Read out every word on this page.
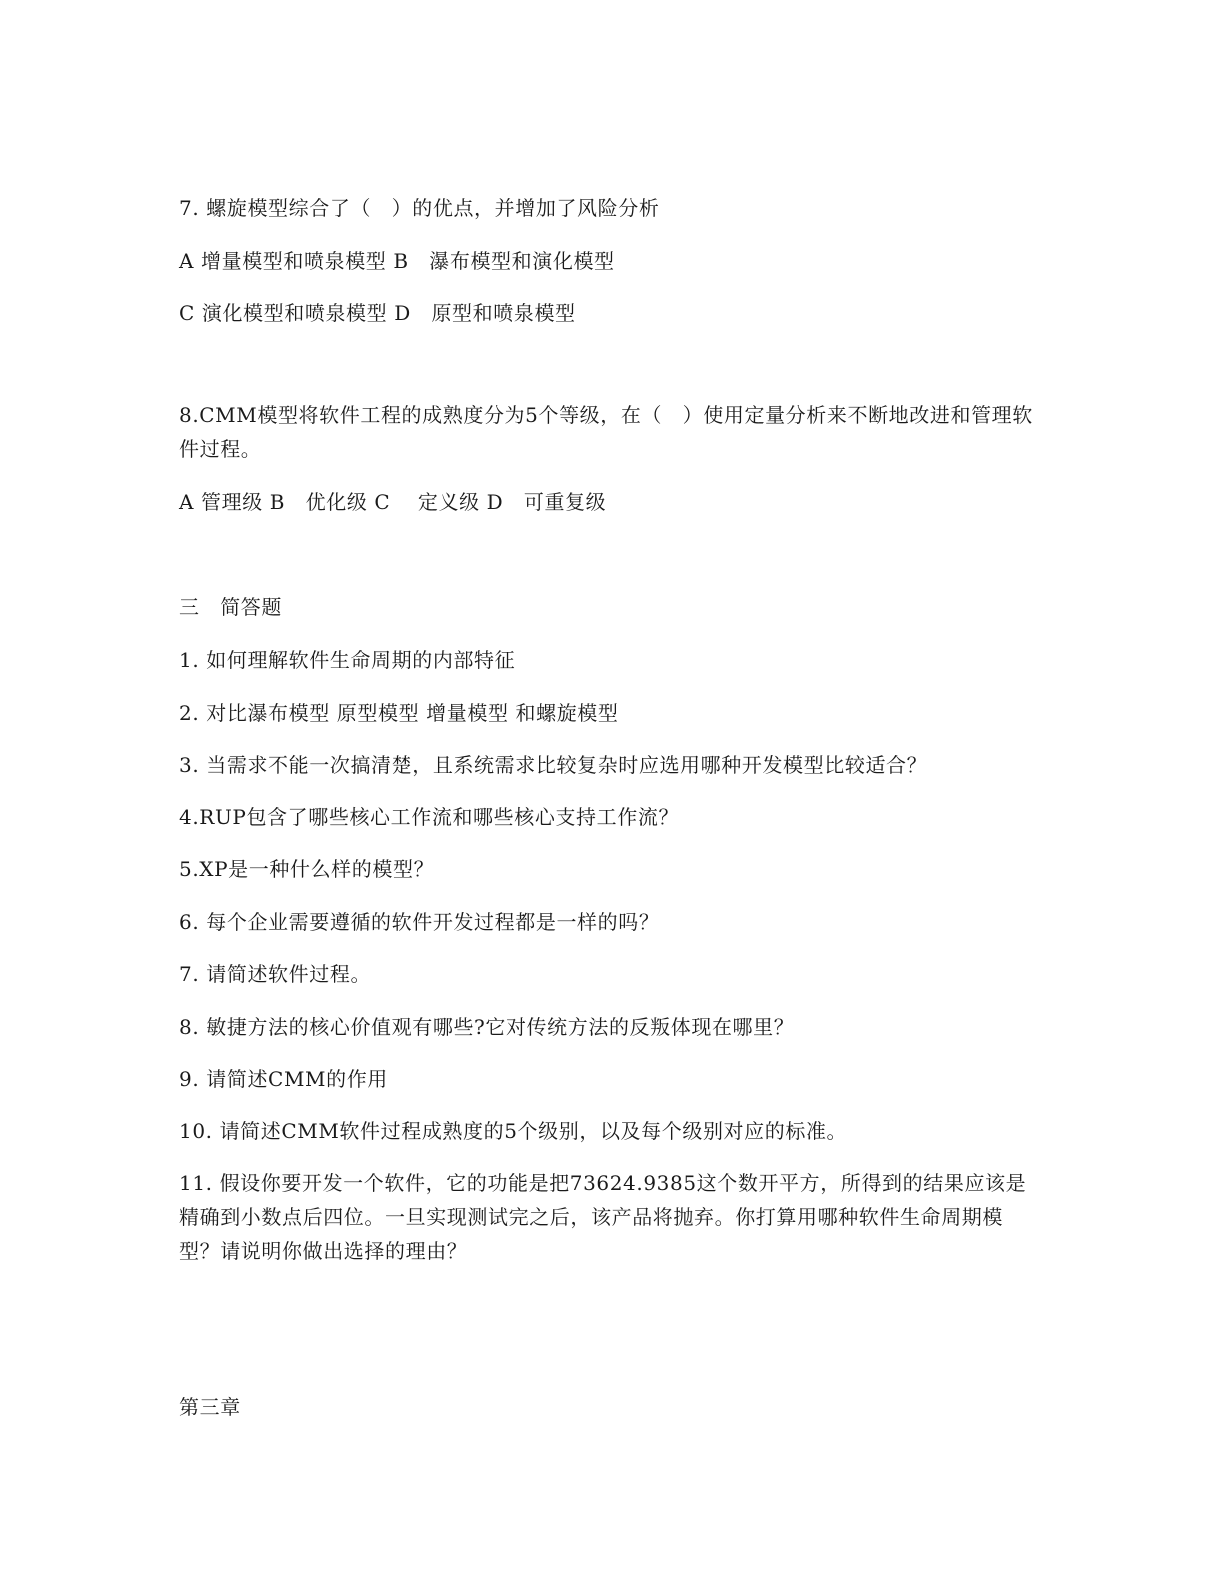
7. 螺旋模型综合了（　）的优点，并增加了风险分析
A 增量模型和喷泉模型 B　瀑布模型和演化模型
C 演化模型和喷泉模型 D　原型和喷泉模型
8.CMM模型将软件工程的成熟度分为5个等级，在（　）使用定量分析来不断地改进和管理软件过程。
A 管理级 B　优化级 C　 定义级 D　可重复级
三　简答题
1. 如何理解软件生命周期的内部特征
2. 对比瀑布模型 原型模型 增量模型 和螺旋模型
3. 当需求不能一次搞清楚，且系统需求比较复杂时应选用哪种开发模型比较适合？
4.RUP包含了哪些核心工作流和哪些核心支持工作流？
5.XP是一种什么样的模型？
6. 每个企业需要遵循的软件开发过程都是一样的吗？
7. 请简述软件过程。
8. 敏捷方法的核心价值观有哪些?它对传统方法的反叛体现在哪里？
9. 请简述CMM的作用
10. 请简述CMM软件过程成熟度的5个级别，以及每个级别对应的标准。
11. 假设你要开发一个软件，它的功能是把73624.9385这个数开平方，所得到的结果应该是精确到小数点后四位。一旦实现测试完之后，该产品将抛弃。你打算用哪种软件生命周期模型？请说明你做出选择的理由？
第三章
